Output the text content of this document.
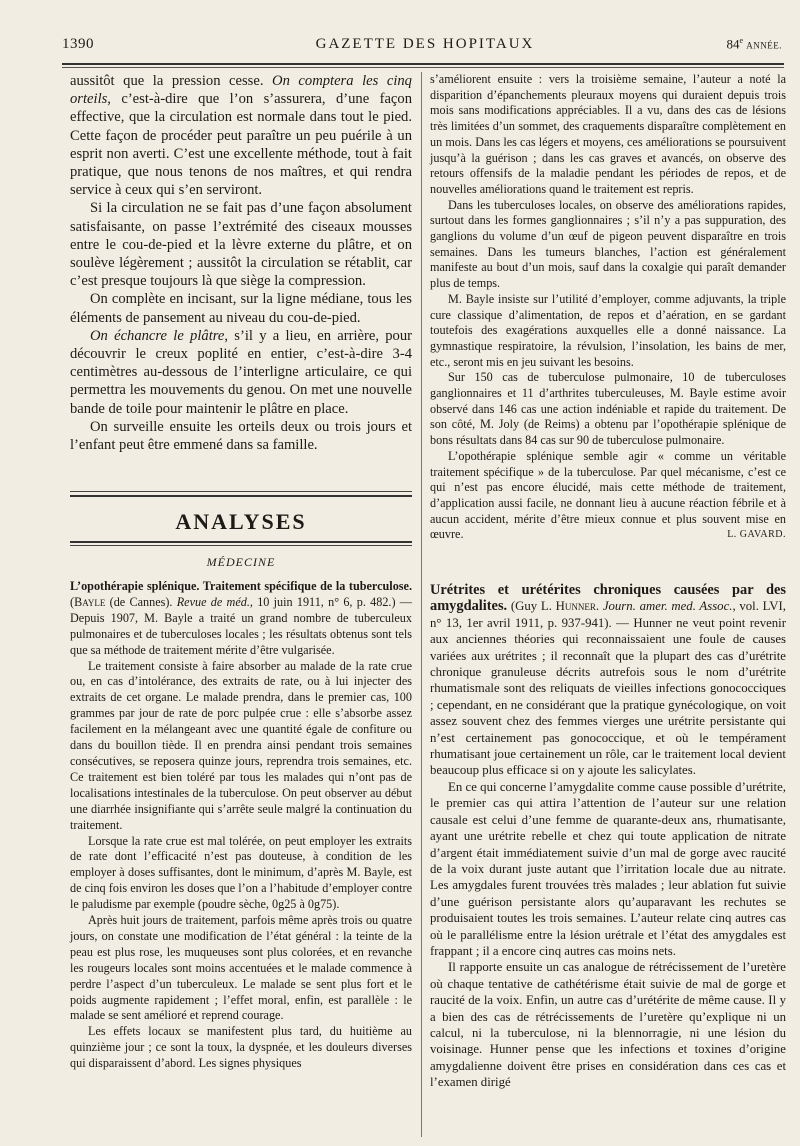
1390	GAZETTE DES HOPITAUX	84e ANNÉE.

aussitôt que la pression cesse. On comptera les cinq orteils, c’est-à-dire que l’on s’assurera, d’une façon effective, que la circulation est normale dans tout le pied. Cette façon de procéder peut paraître un peu puérile à un esprit non averti. C’est une excellente méthode, tout à fait pratique, que nous tenons de nos maîtres, et qui rendra service à ceux qui s’en serviront.

Si la circulation ne se fait pas d’une façon absolument satisfaisante, on passe l’extrémité des ciseaux mousses entre le cou-de-pied et la lèvre externe du plâtre, et on soulève légèrement ; aussitôt la circulation se rétablit, car c’est presque toujours là que siège la compression.

On complète en incisant, sur la ligne médiane, tous les éléments de pansement au niveau du cou-de-pied.

On échancre le plâtre, s’il y a lieu, en arrière, pour découvrir le creux poplité en entier, c’est-à-dire 3-4 centimètres au-dessous de l’interligne articulaire, ce qui permettra les mouvements du genou. On met une nouvelle bande de toile pour maintenir le plâtre en place.

On surveille ensuite les orteils deux ou trois jours et l’enfant peut être emmené dans sa famille.

ANALYSES
MÉDECINE

L’opothérapie splénique. Traitement spécifique de la tuberculose. (Bayle (de Cannes). Revue de méd., 10 juin 1911, n° 6, p. 482.) — Depuis 1907, M. Bayle a traité un grand nombre de tuberculeux pulmonaires et de tuberculoses locales ; les résultats obtenus sont tels que sa méthode de traitement mérite d’être vulgarisée.

Le traitement consiste à faire absorber au malade de la rate crue ou, en cas d’intolérance, des extraits de rate, ou à lui injecter des extraits de cet organe. Le malade prendra, dans le premier cas, 100 grammes par jour de rate de porc pulpée crue : elle s’absorbe assez facilement en la mélangeant avec une quantité égale de confiture ou dans du bouillon tiède. Il en prendra ainsi pendant trois semaines consécutives, se reposera quinze jours, reprendra trois semaines, etc. Ce traitement est bien toléré par tous les malades qui n’ont pas de localisations intestinales de la tuberculose. On peut observer au début une diarrhée insignifiante qui s’arrête seule malgré la continuation du traitement.

Lorsque la rate crue est mal tolérée, on peut employer les extraits de rate dont l’efficacité n’est pas douteuse, à condition de les employer à doses suffisantes, dont le minimum, d’après M. Bayle, est de cinq fois environ les doses que l’on a l’habitude d’employer contre le paludisme par exemple (poudre sèche, 0g25 à 0g75).

Après huit jours de traitement, parfois même après trois ou quatre jours, on constate une modification de l’état général : la teinte de la peau est plus rose, les muqueuses sont plus colorées, et en revanche les rougeurs locales sont moins accentuées et le malade commence à perdre l’aspect d’un tuberculeux. Le malade se sent plus fort et le poids augmente rapidement ; l’effet moral, enfin, est parallèle : le malade se sent amélioré et reprend courage.

Les effets locaux se manifestent plus tard, du huitième au quinzième jour ; ce sont la toux, la dyspnée, et les douleurs diverses qui disparaissent d’abord. Les signes physiques

s’améliorent ensuite : vers la troisième semaine, l’auteur a noté la disparition d’épanchements pleuraux moyens qui duraient depuis trois mois sans modifications appréciables. Il a vu, dans des cas de lésions très limitées d’un sommet, des craquements disparaître complètement en un mois. Dans les cas légers et moyens, ces améliorations se poursuivent jusqu’à la guérison ; dans les cas graves et avancés, on observe des retours offensifs de la maladie pendant les périodes de repos, et de nouvelles améliorations quand le traitement est repris.

Dans les tuberculoses locales, on observe des améliorations rapides, surtout dans les formes ganglionnaires ; s’il n’y a pas suppuration, des ganglions du volume d’un œuf de pigeon peuvent disparaître en trois semaines. Dans les tumeurs blanches, l’action est généralement manifeste au bout d’un mois, sauf dans la coxalgie qui paraît demander plus de temps.

M. Bayle insiste sur l’utilité d’employer, comme adjuvants, la triple cure classique d’alimentation, de repos et d’aération, en se gardant toutefois des exagérations auxquelles elle a donné naissance. La gymnastique respiratoire, la révulsion, l’insolation, les bains de mer, etc., seront mis en jeu suivant les besoins.

Sur 150 cas de tuberculose pulmonaire, 10 de tuberculoses ganglionnaires et 11 d’arthrites tuberculeuses, M. Bayle estime avoir observé dans 146 cas une action indéniable et rapide du traitement. De son côté, M. Joly (de Reims) a obtenu par l’opothérapie splénique de bons résultats dans 84 cas sur 90 de tuberculose pulmonaire.

L’opothérapie splénique semble agir « comme un véritable traitement spécifique » de la tuberculose. Par quel mécanisme, c’est ce qui n’est pas encore élucidé, mais cette méthode de traitement, d’application aussi facile, ne donnant lieu à aucune réaction fébrile et à aucun accident, mérite d’être mieux connue et plus souvent mise en œuvre.	L. GAVARD.

Urétrites et urétérites chroniques causées par des amygdalites. (Guy L. Hunner. Journ. amer. med. Assoc., vol. LVI, n° 13, 1er avril 1911, p. 937-941). — Hunner ne veut point revenir aux anciennes théories qui reconnaissaient une foule de causes variées aux urétrites ; il reconnaît que la plupart des cas d’urétrite chronique granuleuse décrits autrefois sous le nom d’urétrite rhumatismale sont des reliquats de vieilles infections gonococciques ; cependant, en ne considérant que la pratique gynécologique, on voit assez souvent chez des femmes vierges une urétrite persistante qui n’est certainement pas gonococcique, et où le tempérament rhumatisant joue certainement un rôle, car le traitement local devient beaucoup plus efficace si on y ajoute les salicylates.

En ce qui concerne l’amygdalite comme cause possible d’urétrite, le premier cas qui attira l’attention de l’auteur sur une relation causale est celui d’une femme de quarante-deux ans, rhumatisante, ayant une urétrite rebelle et chez qui toute application de nitrate d’argent était immédiatement suivie d’un mal de gorge avec raucité de la voix durant juste autant que l’irritation locale due au nitrate. Les amygdales furent trouvées très malades ; leur ablation fut suivie d’une guérison persistante alors qu’auparavant les rechutes se produisaient toutes les trois semaines. L’auteur relate cinq autres cas où le parallélisme entre la lésion urétrale et l’état des amygdales est frappant ; il a encore cinq autres cas moins nets.

Il rapporte ensuite un cas analogue de rétrécissement de l’uretère où chaque tentative de cathétérisme était suivie de mal de gorge et raucité de la voix. Enfin, un autre cas d’urétérite de même cause. Il y a bien des cas de rétrécissements de l’uretère qu’explique ni un calcul, ni la tuberculose, ni la blennorragie, ni une lésion du voisinage. Hunner pense que les infections et toxines d’origine amygdalienne doivent être prises en considération dans ces cas et l’examen dirigé
